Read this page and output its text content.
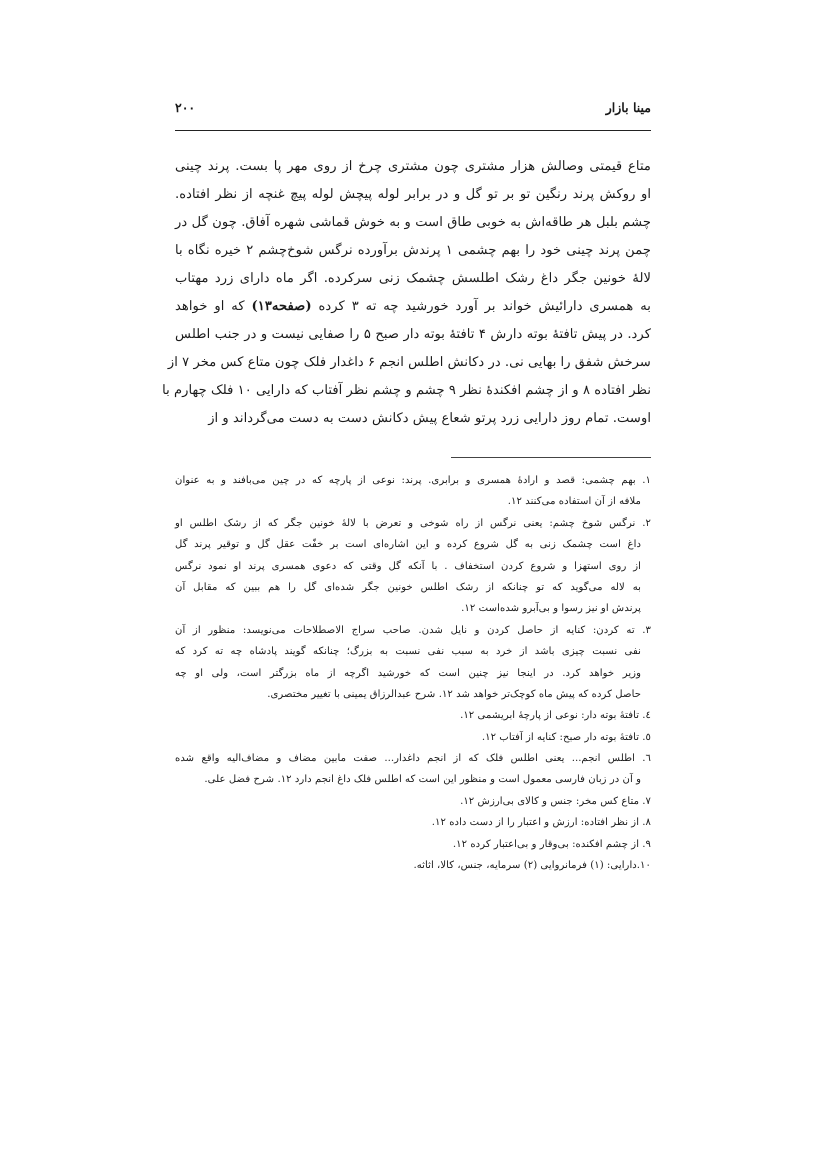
مینا بازار
۲۰۰
متاع قیمتی وصالش هزار مشتری چون مشتری چرخ از روی مهر پا بست. پرند چینی
او روکش پرند رنگین تو بر تو گل و در برابر لوله پیچش لوله پیچ غنچه از نظر افتاده.
چشم بلبل هر طاقه‌اش به خوبی طاق است و به خوش قماشی شهره آفاق. چون گل در
چمن پرند چینی خود را بهم چشمی ۱ پرندش برآورده نرگس شوخ‌چشم ۲ خیره نگاه با
لالهٔ خونین جگر داغ رشک اطلسش چشمک زنی سرکرده. اگر ماه دارای زرد مهتاب
به همسری دارائیش خواند بر آورد خورشید چه ته ۳ کرده (صفحه۱۳) که او خواهد
کرد. در پیش تافتهٔ بوته دارش ۴ تافتهٔ بوته دار صبح ۵ را صفایی نیست و در جنب اطلس
سرخش شفق را بهایی نی. در دکانش اطلس انجم ۶ داغدار فلک چون متاع کس مخر ۷ از
نظر افتاده ۸ و از چشم افکندهٔ نظر ۹ چشم و چشم نظر آفتاب که دارایی ۱۰ فلک چهارم با
اوست. تمام روز دارایی زرد پرتو شعاع پیش دکانش دست به دست می‌گرداند و از
۱. بهم چشمی: قصد و ارادهٔ همسری و برابری. پرند: نوعی از پارچه که در چین می‌بافند و به عنوان
ملافه از آن استفاده می‌کنند ۱۲.
۲. نرگس شوخ چشم: یعنی نرگس از راه شوخی و تعرض با لالهٔ خونین جگر که از رشک اطلس او
داغ است چشمک زنی به گل شروع کرده و این اشاره‌ای است بر خفّت عقل گل و توقیر پرند گل
از روی استهزا و شروع کردن استخفاف . با آنکه گل وقتی که دعوی همسری پرند او نمود نرگس
به لاله می‌گوید که تو چنانکه از رشک اطلس خونین جگر شده‌ای گل را هم ببین که مقابل آن
پرندش او نیز رسوا و بی‌آبرو شده‌است ۱۲.
۳. ته کردن: کنایه از حاصل کردن و نایل شدن. صاحب سراج الاصطلاحات می‌نویسد: منظور از آن
نفی نسبت چیزی باشد از خرد به سبب نفی نسبت به بزرگ؛ چنانکه گویند پادشاه چه ته کرد که
وزیر خواهد کرد. در اینجا نیز چنین است که خورشید اگرچه از ماه بزرگتر است، ولی او چه
حاصل کرده که پیش ماه کوچک‌تر خواهد شد ۱۲. شرح عبدالرزاق یمینی با تغییر مختصری.
٤. تافتهٔ بوته دار: نوعی از پارچهٔ ابریشمی ۱۲.
٥. تافتهٔ بوته دار صبح: کنایه از آفتاب ۱۲.
٦. اطلس انجم... یعنی اطلس فلک که از انجم داغدار... صفت مابین مضاف و مضاف‌الیه واقع شده
و آن در زبان فارسی معمول است و منظور این است که اطلس فلک داغ انجم دارد ۱۲. شرح فضل علی.
۷. متاع کس مخر: جنس و کالای بی‌ارزش ۱۲.
۸. از نظر افتاده: ارزش و اعتبار را از دست داده ۱۲.
۹. از چشم افکنده: بی‌وقار و بی‌اعتبار کرده ۱۲.
۱۰.دارایی: (۱) فرمانروایی (۲) سرمایه، جنس، کالا، اثاثه.
